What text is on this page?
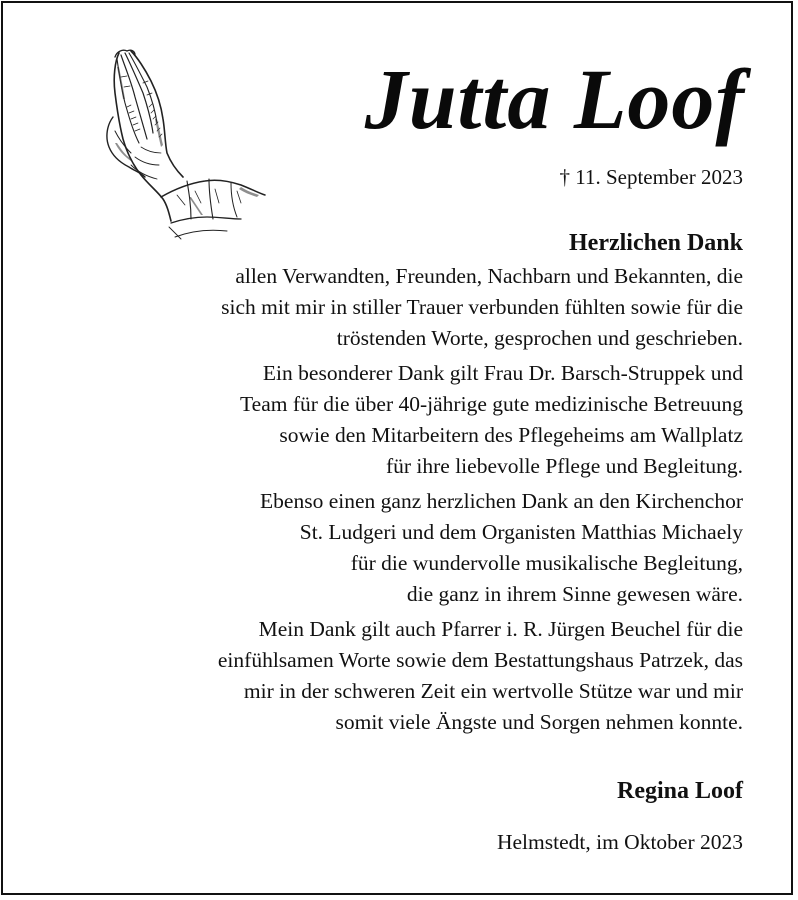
Jutta Loof
† 11. September 2023
Herzlichen Dank
allen Verwandten, Freunden, Nachbarn und Bekannten, die
sich mit mir in stiller Trauer verbunden fühlten sowie für die
tröstenden Worte, gesprochen und geschrieben.
Ein besonderer Dank gilt Frau Dr. Barsch-Struppek und
Team für die über 40-jährige gute medizinische Betreuung
sowie den Mitarbeitern des Pflegeheims am Wallplatz
für ihre liebevolle Pflege und Begleitung.
Ebenso einen ganz herzlichen Dank an den Kirchenchor
St. Ludgeri und dem Organisten Matthias Michaely
für die wundervolle musikalische Begleitung,
die ganz in ihrem Sinne gewesen wäre.
Mein Dank gilt auch Pfarrer i. R. Jürgen Beuchel für die
einfühlsamen Worte sowie dem Bestattungshaus Patrzek, das
mir in der schweren Zeit ein wertvolle Stütze war und mir
somit viele Ängste und Sorgen nehmen konnte.
Regina Loof
Helmstedt, im Oktober 2023
